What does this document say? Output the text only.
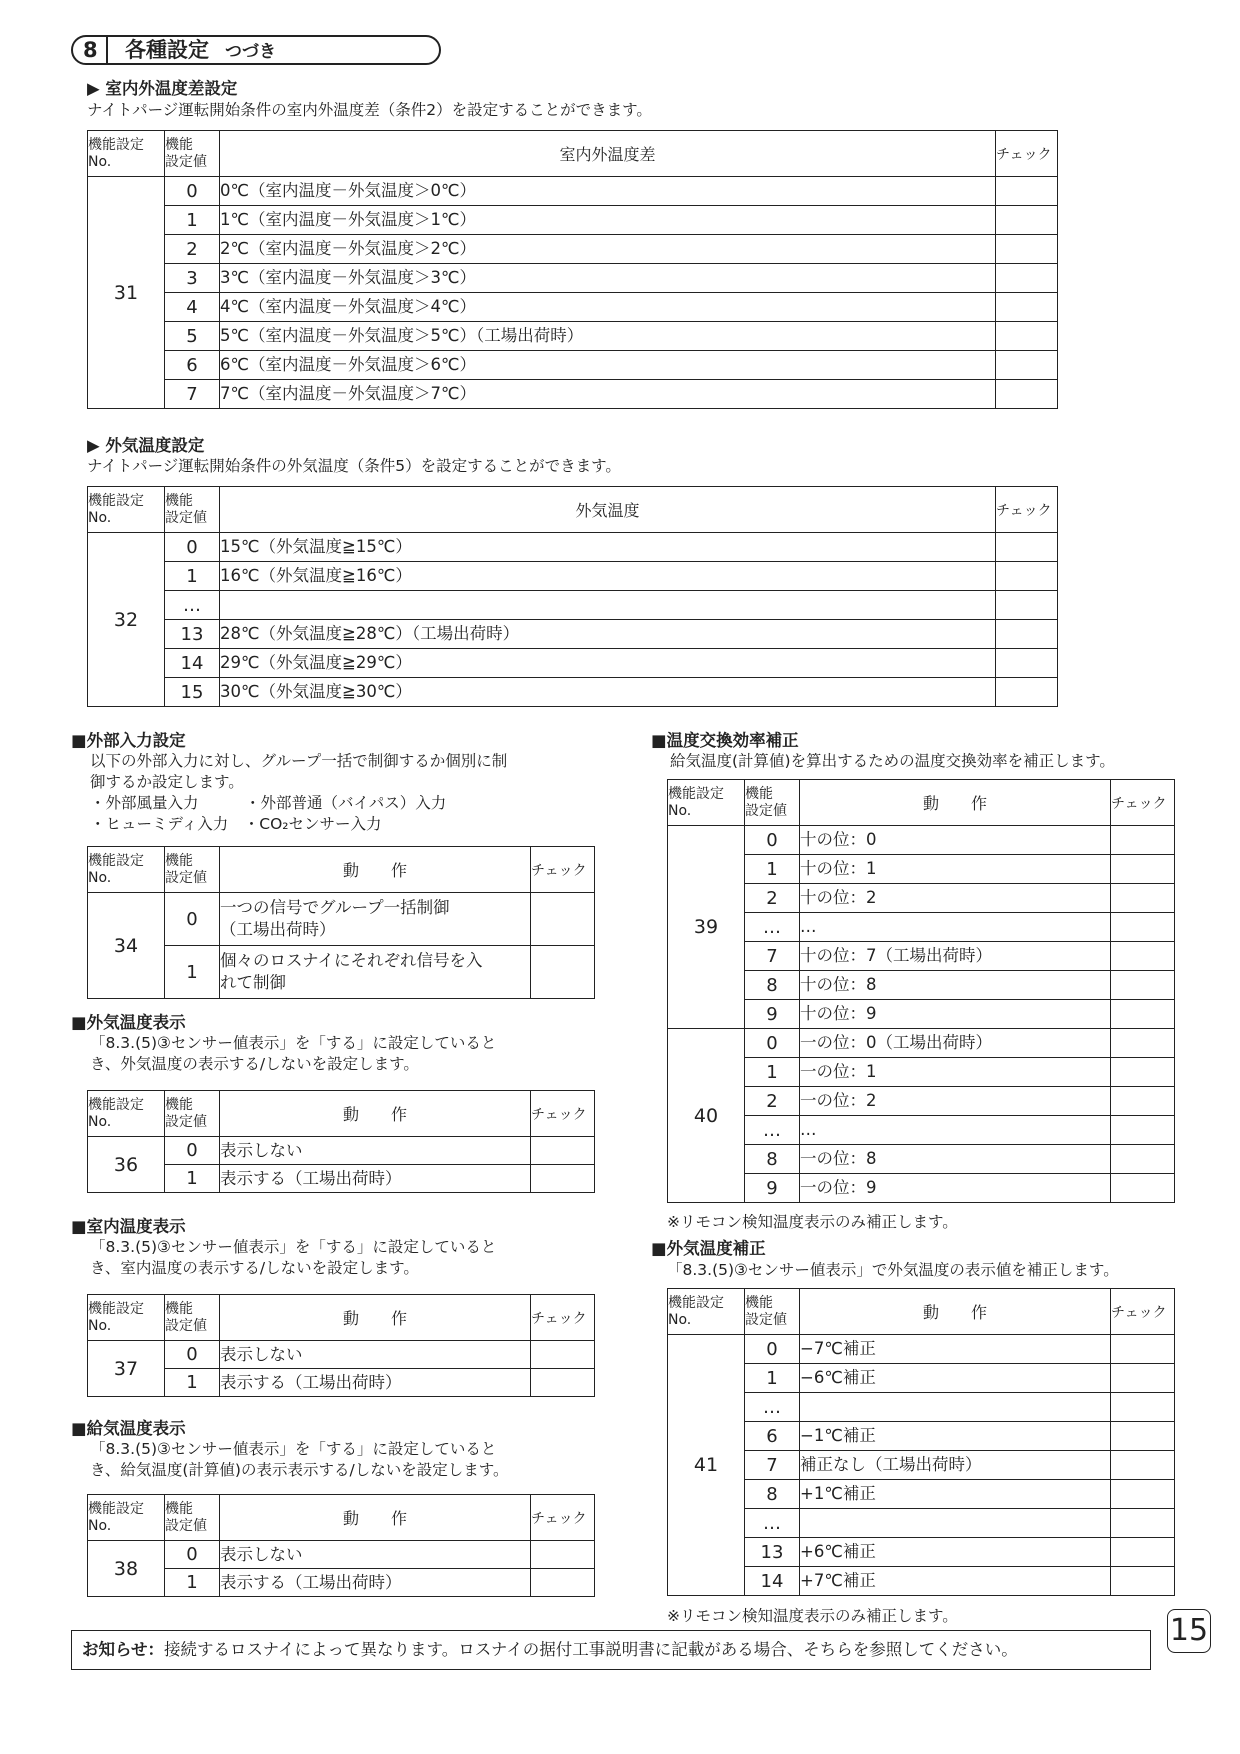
8	各種設定 つづき
▶ 室内外温度差設定
ナイトパージ運転開始条件の室内外温度差（条件2）を設定することができます。
機能設定
No.	機能
設定値	室内外温度差	チェック
31	0	0℃（室内温度－外気温度＞0℃）	
	1	1℃（室内温度－外気温度＞1℃）	
	2	2℃（室内温度－外気温度＞2℃）	
	3	3℃（室内温度－外気温度＞3℃）	
	4	4℃（室内温度－外気温度＞4℃）	
	5	5℃（室内温度－外気温度＞5℃）（工場出荷時）	
	6	6℃（室内温度－外気温度＞6℃）	
	7	7℃（室内温度－外気温度＞7℃）	
▶ 外気温度設定
ナイトパージ運転開始条件の外気温度（条件5）を設定することができます。
機能設定
No.	機能
設定値	外気温度	チェック
32	0	15℃（外気温度≧15℃）	
	1	16℃（外気温度≧16℃）	
	…		
	13	28℃（外気温度≧28℃）（工場出荷時）	
	14	29℃（外気温度≧29℃）	
	15	30℃（外気温度≧30℃）	
■外部入力設定
以下の外部入力に対し、グループ一括で制御するか個別に制
御するか設定します。
・外部風量入力　　　・外部普通（バイパス）入力
・ヒューミディ入力　・CO₂センサー入力
機能設定
No.	機能
設定値	動　　作	チェック
34	0	一つの信号でグループ一括制御
（工場出荷時）	
	1	個々のロスナイにそれぞれ信号を入
れて制御	
■外気温度表示
「8.3.(5)③センサー値表示」を「する」に設定していると
き、外気温度の表示する/しないを設定します。
機能設定
No.	機能
設定値	動　　作	チェック
36	0	表示しない	
	1	表示する（工場出荷時）	
■室内温度表示
「8.3.(5)③センサー値表示」を「する」に設定していると
き、室内温度の表示する/しないを設定します。
機能設定
No.	機能
設定値	動　　作	チェック
37	0	表示しない	
	1	表示する（工場出荷時）	
■給気温度表示
「8.3.(5)③センサー値表示」を「する」に設定していると
き、給気温度(計算値)の表示表示する/しないを設定します。
機能設定
No.	機能
設定値	動　　作	チェック
38	0	表示しない	
	1	表示する（工場出荷時）	
■温度交換効率補正
給気温度(計算値)を算出するための温度交換効率を補正します。
機能設定
No.	機能
設定値	動　　作	チェック
39	0	十の位：0	
	1	十の位：1	
	2	十の位：2	
	…	…	
	7	十の位：7（工場出荷時）	
	8	十の位：8	
	9	十の位：9	
40	0	一の位：0（工場出荷時）	
	1	一の位：1	
	2	一の位：2	
	…	…	
	8	一の位：8	
	9	一の位：9	
※リモコン検知温度表示のみ補正します。
■外気温度補正
「8.3.(5)③センサー値表示」で外気温度の表示値を補正します。
機能設定
No.	機能
設定値	動　　作	チェック
41	0	−7℃補正	
	1	−6℃補正	
	…		
	6	−1℃補正	
	7	補正なし（工場出荷時）	
	8	+1℃補正	
	…		
	13	+6℃補正	
	14	+7℃補正	
※リモコン検知温度表示のみ補正します。
お知らせ：接続するロスナイによって異なります。ロスナイの据付工事説明書に記載がある場合、そちらを参照してください。
15
